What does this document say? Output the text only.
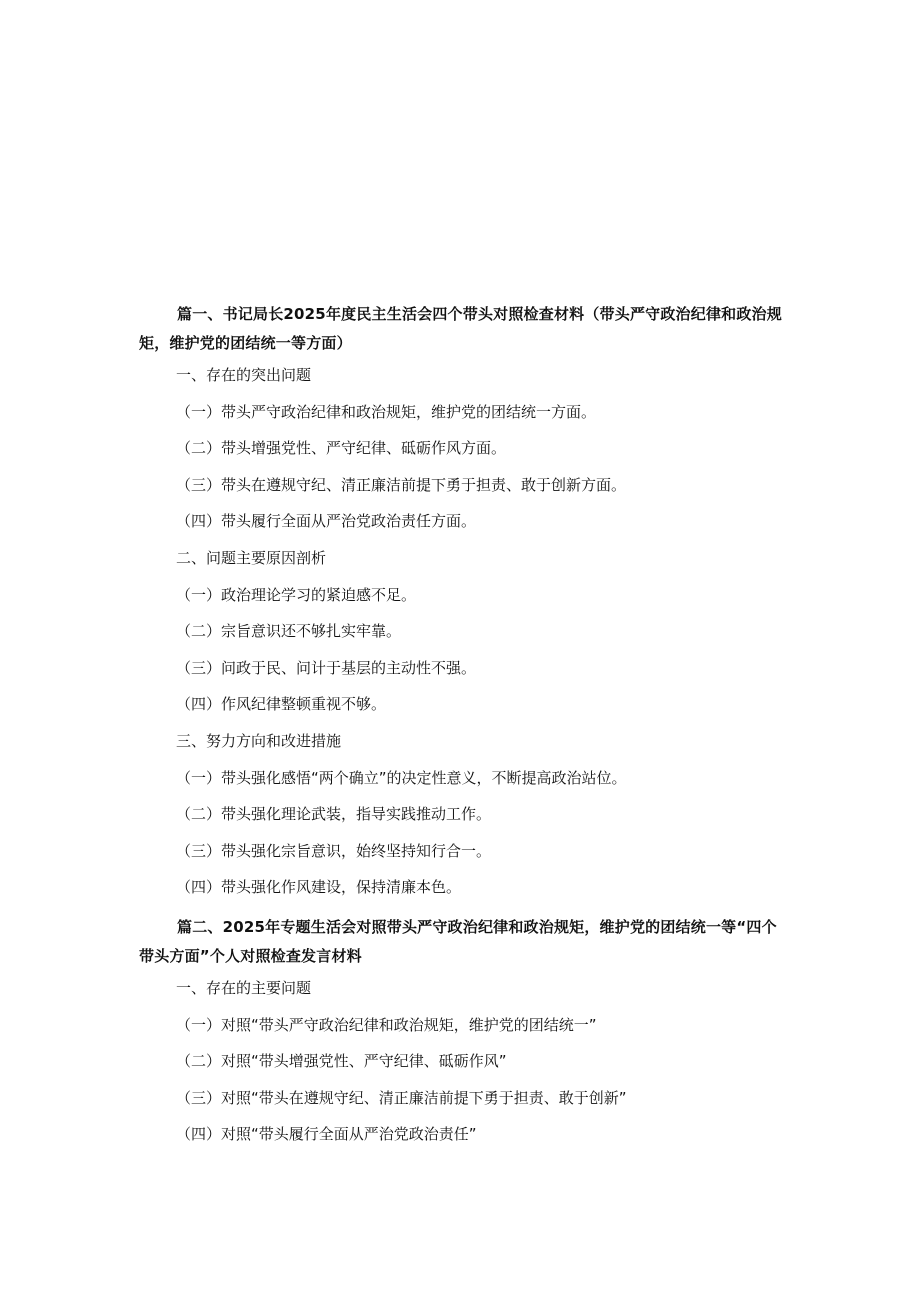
篇一、书记局长2025年度民主生活会四个带头对照检查材料（带头严守政治纪律和政治规矩，维护党的团结统一等方面）
一、存在的突出问题
（一）带头严守政治纪律和政治规矩，维护党的团结统一方面。
（二）带头增强党性、严守纪律、砥砺作风方面。
（三）带头在遵规守纪、清正廉洁前提下勇于担责、敢于创新方面。
（四）带头履行全面从严治党政治责任方面。
二、问题主要原因剖析
（一）政治理论学习的紧迫感不足。
（二）宗旨意识还不够扎实牢靠。
（三）问政于民、问计于基层的主动性不强。
（四）作风纪律整顿重视不够。
三、努力方向和改进措施
（一）带头强化感悟“两个确立”的决定性意义，不断提高政治站位。
（二）带头强化理论武装，指导实践推动工作。
（三）带头强化宗旨意识，始终坚持知行合一。
（四）带头强化作风建设，保持清廉本色。
篇二、2025年专题生活会对照带头严守政治纪律和政治规矩，维护党的团结统一等“四个带头方面”个人对照检查发言材料
一、存在的主要问题
（一）对照“带头严守政治纪律和政治规矩，维护党的团结统一”
（二）对照“带头增强党性、严守纪律、砥砺作风”
（三）对照“带头在遵规守纪、清正廉洁前提下勇于担责、敢于创新”
（四）对照“带头履行全面从严治党政治责任”
